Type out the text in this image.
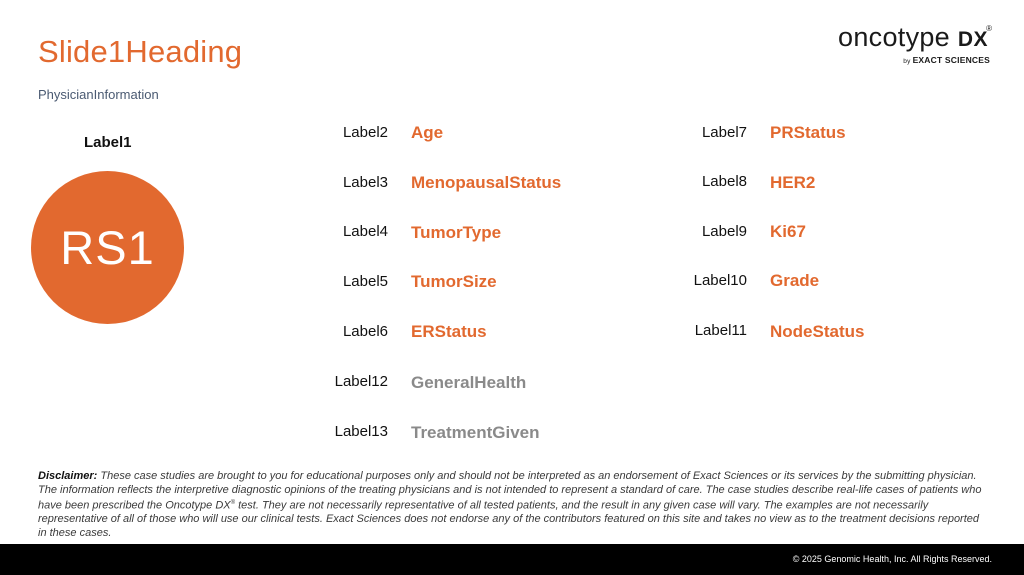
Slide1Heading
PhysicianInformation
oncotype DX
®
by EXACT SCIENCES
Label1
RS1
Label2 Age
Label3 MenopausalStatus
Label4 TumorType
Label5 TumorSize
Label6 ERStatus
Label12 GeneralHealth
Label13 TreatmentGiven
Label7 PRStatus
Label8 HER2
Label9 Ki67
Label10 Grade
Label11 NodeStatus
Disclaimer: These case studies are brought to you for educational purposes only and should not be interpreted as an endorsement of Exact Sciences or its services by the submitting physician. The information reflects the interpretive diagnostic opinions of the treating physicians and is not intended to represent a standard of care. The case studies describe real-life cases of patients who have been prescribed the Oncotype DX® test. They are not necessarily representative of all tested patients, and the result in any given case will vary. The examples are not necessarily representative of all of those who will use our clinical tests. Exact Sciences does not endorse any of the contributors featured on this site and takes no view as to the treatment decisions reported in these cases.
© 2025 Genomic Health, Inc. All Rights Reserved.
